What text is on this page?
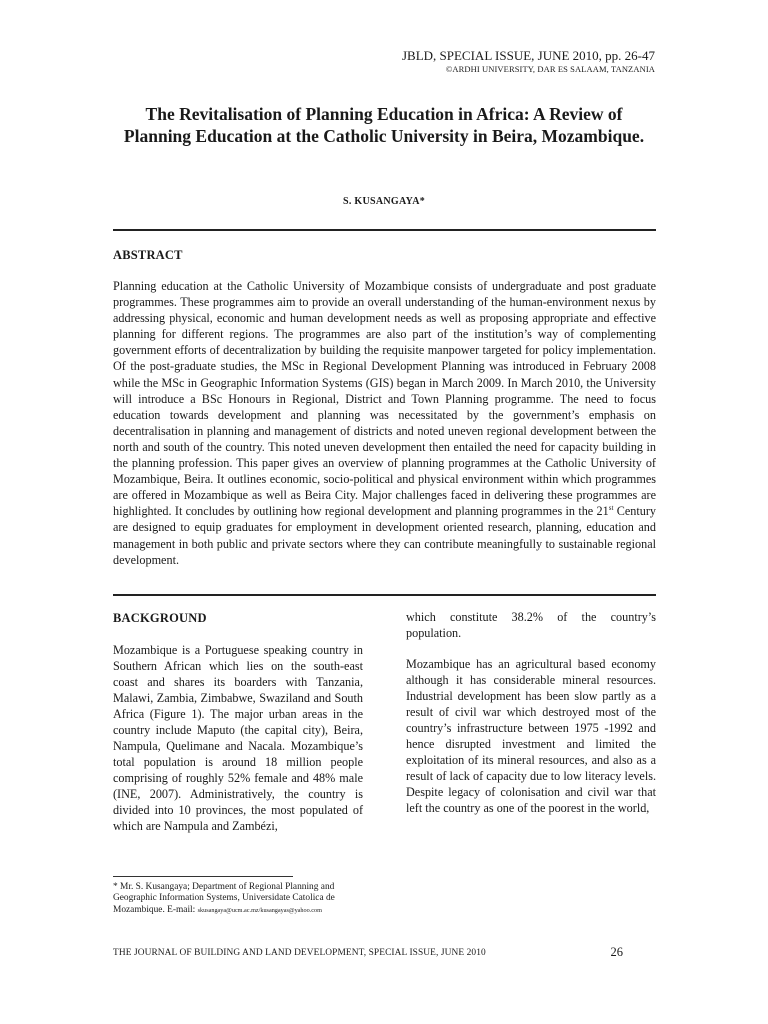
JBLD, SPECIAL ISSUE, JUNE 2010, pp. 26-47
©ARDHI UNIVERSITY, DAR ES SALAAM, TANZANIA
The Revitalisation of Planning Education in Africa: A Review of Planning Education at the Catholic University in Beira, Mozambique.
S. KUSANGAYA*
ABSTRACT

Planning education at the Catholic University of Mozambique consists of undergraduate and post graduate programmes. These programmes aim to provide an overall understanding of the human-environment nexus by addressing physical, economic and human development needs as well as proposing appropriate and effective planning for different regions. The programmes are also part of the institution’s way of complementing government efforts of decentralization by building the requisite manpower targeted for policy implementation. Of the post-graduate studies, the MSc in Regional Development Planning was introduced in February 2008 while the MSc in Geographic Information Systems (GIS) began in March 2009. In March 2010, the University will introduce a BSc Honours in Regional, District and Town Planning programme. The need to focus education towards development and planning was necessitated by the government’s emphasis on decentralisation in planning and management of districts and noted uneven regional development between the north and south of the country. This noted uneven development then entailed the need for capacity building in the planning profession. This paper gives an overview of planning programmes at the Catholic University of Mozambique, Beira. It outlines economic, socio-political and physical environment within which programmes are offered in Mozambique as well as Beira City. Major challenges faced in delivering these programmes are highlighted. It concludes by outlining how regional development and planning programmes in the 21st Century are designed to equip graduates for employment in development oriented research, planning, education and management in both public and private sectors where they can contribute meaningfully to sustainable regional development.

BACKGROUND

Mozambique is a Portuguese speaking country in Southern African which lies on the south-east coast and shares its boarders with Tanzania, Malawi, Zambia, Zimbabwe, Swaziland and South Africa (Figure 1). The major urban areas in the country include Maputo (the capital city), Beira, Nampula, Quelimane and Nacala. Mozambique’s total population is around 18 million people comprising of roughly 52% female and 48% male (INE, 2007). Administratively, the country is divided into 10 provinces, the most populated of which are Nampula and Zambézi,

which constitute 38.2% of the country’s population.

Mozambique has an agricultural based economy although it has considerable mineral resources. Industrial development has been slow partly as a result of civil war which destroyed most of the country’s infrastructure between 1975 -1992 and hence disrupted investment and limited the exploitation of its mineral resources, and also as a result of lack of capacity due to low literacy levels. Despite legacy of colonisation and civil war that left the country as one of the poorest in the world,

* Mr. S. Kusangaya; Department of Regional Planning and Geographic Information Systems, Universidate Catolica de Mozambique. E-mail: skusangaya@ucm.ac.mz/kusangayas@yahoo.com
THE JOURNAL OF BUILDING AND LAND DEVELOPMENT, SPECIAL ISSUE, JUNE 2010	26
